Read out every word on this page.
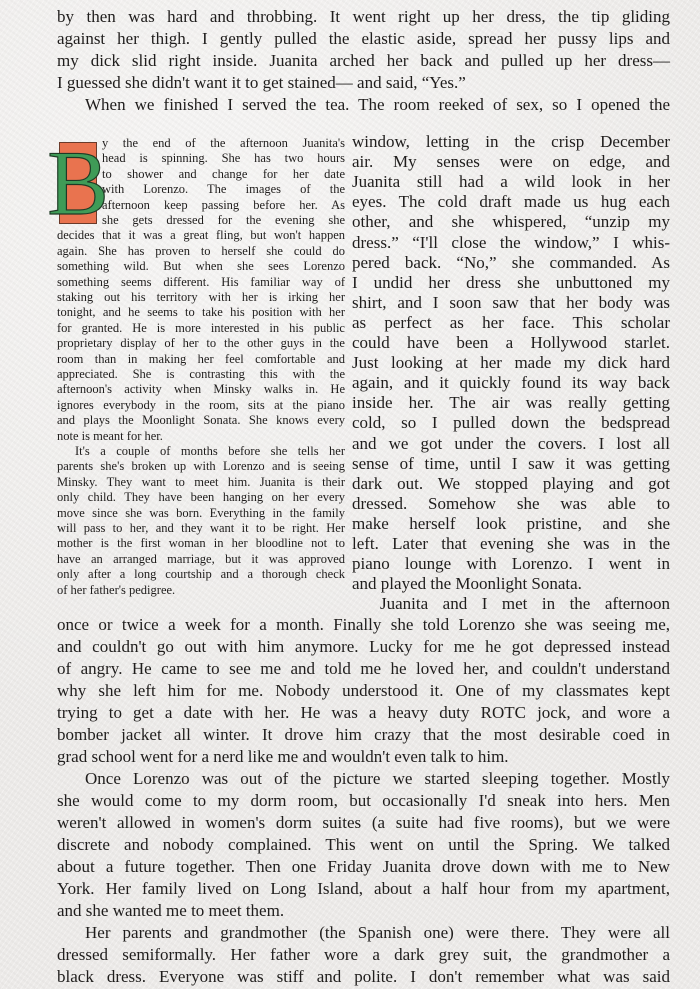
B
by then was hard and throbbing. It went right up her dress, the tip gliding
against her thigh. I gently pulled the elastic aside, spread her pussy lips and
my dick slid right inside. Juanita arched her back and pulled up her dress—
I guessed she didn't want it to get stained— and said, “Yes.”
When we finished I served the tea. The room reeked of sex, so I opened the
y the end of the afternoon Juanita's
head is spinning. She has two hours
to shower and change for her date
with Lorenzo. The images of the
afternoon keep passing before her. As
she gets dressed for the evening she
decides that it was a great fling, but won't happen
again. She has proven to herself she could do
something wild. But when she sees Lorenzo
something seems different. His familiar way of
staking out his territory with her is irking her
tonight, and he seems to take his position with her
for granted. He is more interested in his public
proprietary display of her to the other guys in the
room than in making her feel comfortable and
appreciated. She is contrasting this with the
afternoon's activity when Minsky walks in. He
ignores everybody in the room, sits at the piano
and plays the Moonlight Sonata. She knows every
note is meant for her.
It's a couple of months before she tells her
parents she's broken up with Lorenzo and is seeing
Minsky. They want to meet him. Juanita is their
only child. They have been hanging on her every
move since she was born. Everything in the family
will pass to her, and they want it to be right. Her
mother is the first woman in her bloodline not to
have an arranged marriage, but it was approved
only after a long courtship and a thorough check
of her father's pedigree.
window, letting in the crisp December
air. My senses were on edge, and
Juanita still had a wild look in her
eyes. The cold draft made us hug each
other, and she whispered, “unzip my
dress.” “I'll close the window,” I whis-
pered back. “No,” she commanded. As
I undid her dress she unbuttoned my
shirt, and I soon saw that her body was
as perfect as her face. This scholar
could have been a Hollywood starlet.
Just looking at her made my dick hard
again, and it quickly found its way back
inside her. The air was really getting
cold, so I pulled down the bedspread
and we got under the covers. I lost all
sense of time, until I saw it was getting
dark out. We stopped playing and got
dressed. Somehow she was able to
make herself look pristine, and she
left. Later that evening she was in the
piano lounge with Lorenzo. I went in
and played the Moonlight Sonata.
Juanita and I met in the afternoon
once or twice a week for a month. Finally she told Lorenzo she was seeing me,
and couldn't go out with him anymore. Lucky for me he got depressed instead
of angry. He came to see me and told me he loved her, and couldn't understand
why she left him for me. Nobody understood it. One of my classmates kept
trying to get a date with her. He was a heavy duty ROTC jock, and wore a
bomber jacket all winter. It drove him crazy that the most desirable coed in
grad school went for a nerd like me and wouldn't even talk to him.
Once Lorenzo was out of the picture we started sleeping together. Mostly
she would come to my dorm room, but occasionally I'd sneak into hers. Men
weren't allowed in women's dorm suites (a suite had five rooms), but we were
discrete and nobody complained. This went on until the Spring. We talked
about a future together. Then one Friday Juanita drove down with me to New
York. Her family lived on Long Island, about a half hour from my apartment,
and she wanted me to meet them.
Her parents and grandmother (the Spanish one) were there. They were all
dressed semiformally. Her father wore a dark grey suit, the grandmother a
black dress. Everyone was stiff and polite. I don't remember what was said
